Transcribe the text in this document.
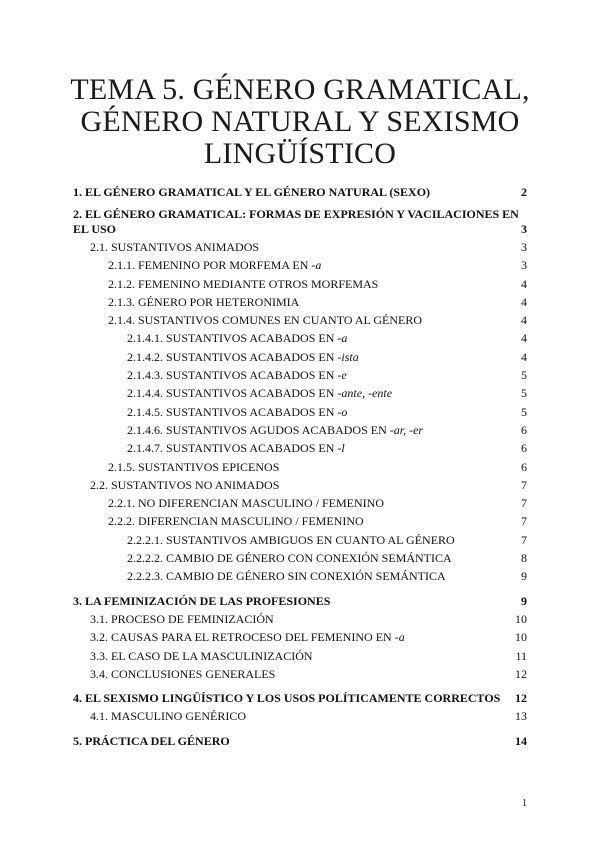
TEMA 5. GÉNERO GRAMATICAL,
GÉNERO NATURAL Y SEXISMO
LINGÜÍSTICO
1. EL GÉNERO GRAMATICAL Y EL GÉNERO NATURAL (SEXO)	2
2. EL GÉNERO GRAMATICAL: FORMAS DE EXPRESIÓN Y VACILACIONES EN EL USO	3
2.1. SUSTANTIVOS ANIMADOS	3
2.1.1. FEMENINO POR MORFEMA EN -a	3
2.1.2. FEMENINO MEDIANTE OTROS MORFEMAS	4
2.1.3. GÉNERO POR HETERONIMIA	4
2.1.4. SUSTANTIVOS COMUNES EN CUANTO AL GÉNERO	4
2.1.4.1. SUSTANTIVOS ACABADOS EN -a	4
2.1.4.2. SUSTANTIVOS ACABADOS EN -ista	4
2.1.4.3. SUSTANTIVOS ACABADOS EN -e	5
2.1.4.4. SUSTANTIVOS ACABADOS EN -ante, -ente	5
2.1.4.5. SUSTANTIVOS ACABADOS EN -o	5
2.1.4.6. SUSTANTIVOS AGUDOS ACABADOS EN -ar, -er	6
2.1.4.7. SUSTANTIVOS ACABADOS EN -l	6
2.1.5. SUSTANTIVOS EPICENOS	6
2.2. SUSTANTIVOS NO ANIMADOS	7
2.2.1. NO DIFERENCIAN MASCULINO / FEMENINO	7
2.2.2. DIFERENCIAN MASCULINO / FEMENINO	7
2.2.2.1. SUSTANTIVOS AMBIGUOS EN CUANTO AL GÉNERO	7
2.2.2.2. CAMBIO DE GÉNERO CON CONEXIÓN SEMÁNTICA	8
2.2.2.3. CAMBIO DE GÉNERO SIN CONEXIÓN SEMÁNTICA	9
3. LA FEMINIZACIÓN DE LAS PROFESIONES	9
3.1. PROCESO DE FEMINIZACIÓN	10
3.2. CAUSAS PARA EL RETROCESO DEL FEMENINO EN -a	10
3.3. EL CASO DE LA MASCULINIZACIÓN	11
3.4. CONCLUSIONES GENERALES	12
4. EL SEXISMO LINGÜÍSTICO Y LOS USOS POLÍTICAMENTE CORRECTOS 12
4.1. MASCULINO GENÉRICO	13
5. PRÁCTICA DEL GÉNERO	14
1
